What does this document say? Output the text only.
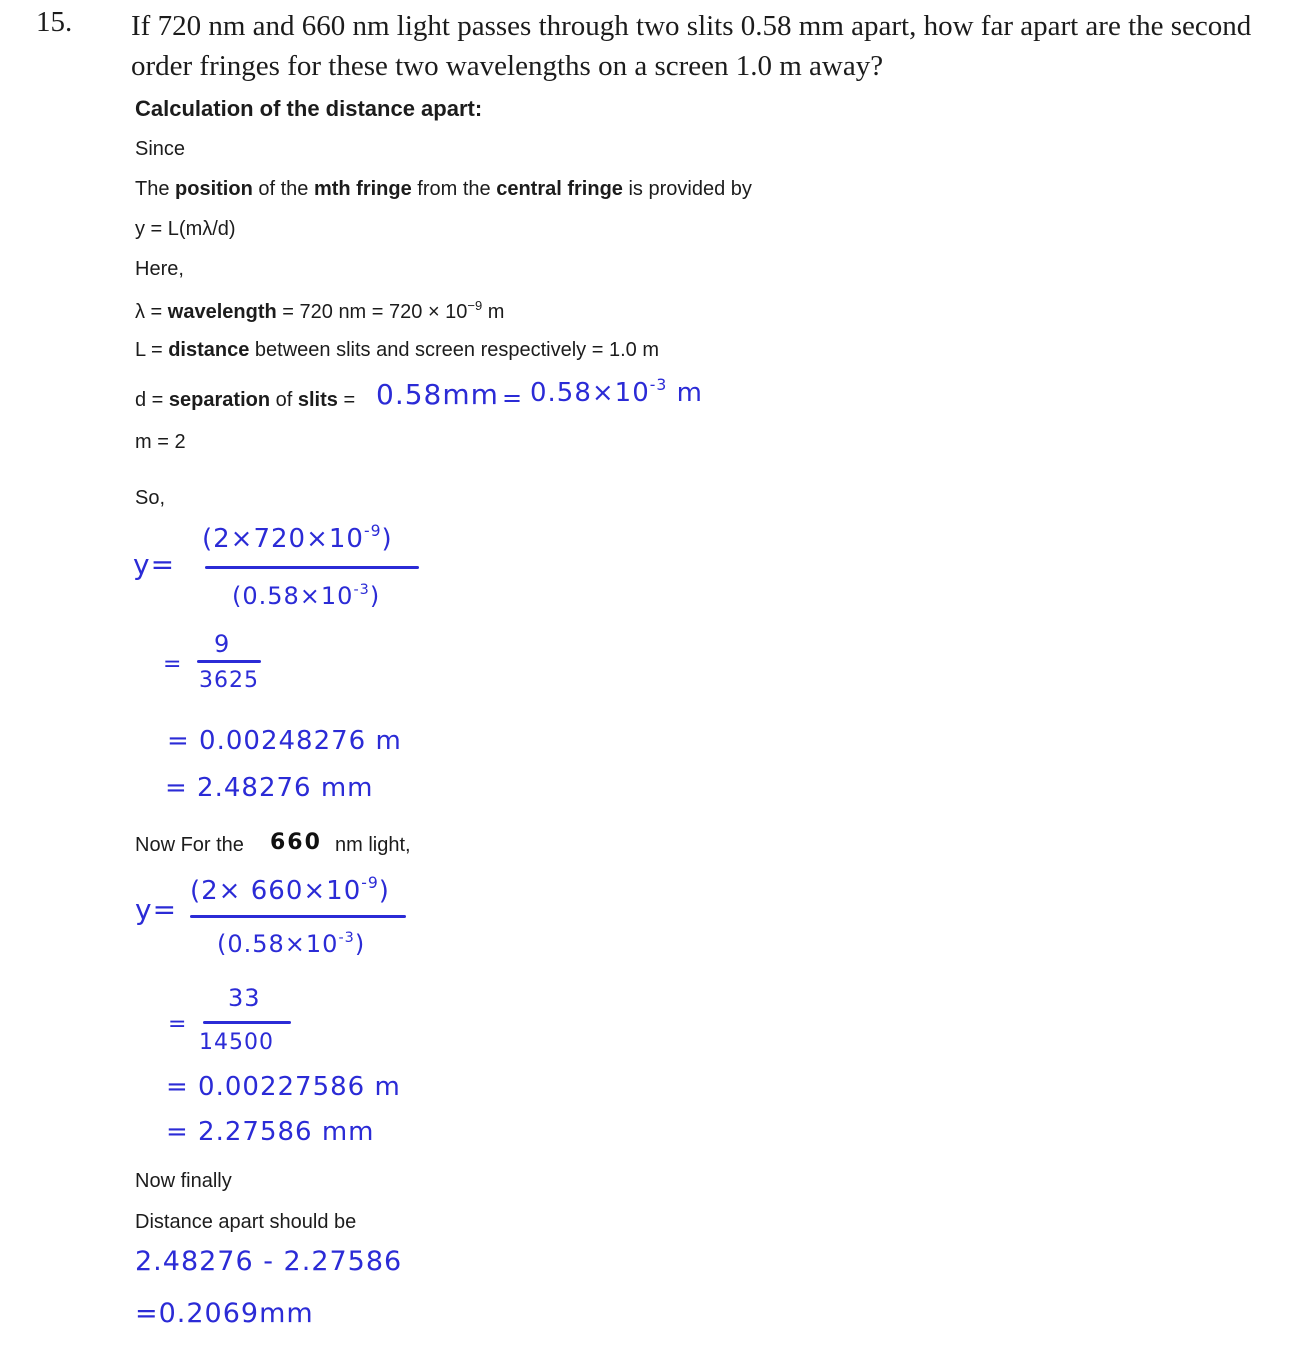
15. If 720 nm and 660 nm light passes through two slits 0.58 mm apart, how far apart are the second order fringes for these two wavelengths on a screen 1.0 m away?
Calculation of the distance apart:
Since
The position of the mth fringe from the central fringe is provided by
y = L(mλ/d)
Here,
λ = wavelength = 720 nm = $720 \times 10^{-9}$ m
L = distance between slits and screen respectively = 1.0 m
d = separation of slits = $0.58mm = 0.58\times 10^{-3}$ m
m = 2
So,
y=
$(2\times 720\times 10^{-9})$
$(0.58\times 10^{-3})$
=
9
3625
= 0.00248276 m
= 2.48276 mm
Now For the 660 nm light,
y=
$(2\times 660\times 10^{-9})$
$(0.58\times 10^{-3})$
33
=
14500
= 0.00227586 m
= 2.27586 mm
Now finally
Distance apart should be
2.48276 - 2.27586
=0.2069mm
